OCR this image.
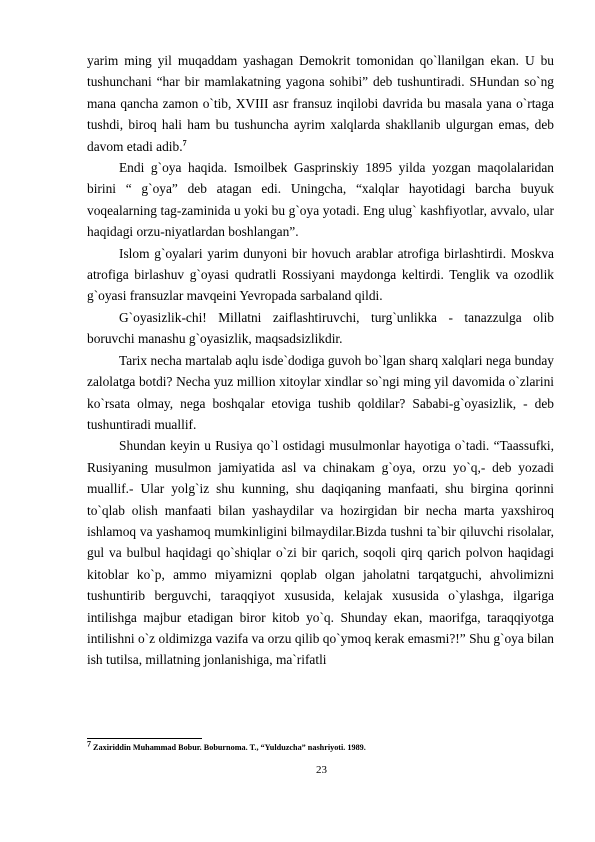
yarim ming yil muqaddam yashagan Demokrit tomonidan qo`llanilgan ekan. U bu tushunchani “har bir mamlakatning yagona sohibi” deb tushuntiradi. SHundan so`ng mana qancha zamon o`tib, XVIII asr fransuz inqilobi davrida bu masala yana o`rtaga tushdi, biroq hali ham bu tushuncha ayrim xalqlarda shakllanib ulgurgan emas, deb davom etadi adib.$^7$

Endi g`oya haqida. Ismoilbek Gasprinskiy 1895 yilda yozgan maqolalaridan birini “ g`oya” deb atagan edi. Uningcha, “xalqlar hayotidagi barcha buyuk voqealarning tag-zaminida u yoki bu g`oya yotadi. Eng ulug` kashfiyotlar, avvalo, ular haqidagi orzu-niyatlardan boshlangan”.

Islom g`oyalari yarim dunyoni bir hovuch arablar atrofiga birlashtirdi. Moskva atrofiga birlashuv g`oyasi qudratli Rossiyani maydonga keltirdi. Tenglik va ozodlik g`oyasi fransuzlar mavqeini Yevropada sarbaland qildi.

G`oyasizlik-chi! Millatni zaiflashtiruvchi, turg`unlikka - tanazzulga olib boruvchi manashu g`oyasizlik, maqsadsizlikdir.

Tarix necha martalab aqlu isde`dodiga guvoh bo`lgan sharq xalqlari nega bunday zalolatga botdi? Necha yuz million xitoylar xindlar so`ngi ming yil davomida o`zlarini ko`rsata olmay, nega boshqalar etoviga tushib qoldilar? Sababi-g`oyasizlik, - deb tushuntiradi muallif.

Shundan keyin u Rusiya qo`l ostidagi musulmonlar hayotiga o`tadi. “Taassufki, Rusiyaning musulmon jamiyatida asl va chinakam g`oya, orzu yo`q,- deb yozadi muallif.- Ular yolg`iz shu kunning, shu daqiqaning manfaati, shu birgina qorinni to`qlab olish manfaati bilan yashaydilar va hozirgidan bir necha marta yaxshiroq ishlamoq va yashamoq mumkinligini bilmaydilar.Bizda tushni ta`bir qiluvchi risolalar, gul va bulbul haqidagi qo`shiqlar o`zi bir qarich, soqoli qirq qarich polvon haqidagi kitoblar ko`p, ammo miyamizni qoplab olgan jaholatni tarqatguchi, ahvolimizni tushuntirib berguvchi, taraqqiyot xususida, kelajak xususida o`ylashga, ilgariga intilishga majbur etadigan biror kitob yo`q. Shunday ekan, maorifga, taraqqiyotga intilishni o`z oldimizga vazifa va orzu qilib qo`ymoq kerak emasmi?!” Shu g`oya bilan ish tutilsa, millatning jonlanishiga, ma`rifatli

$^7$ Zaxiriddin Muhammad Bobur. Boburnoma. T., “Yulduzcha” nashriyoti. 1989.
23
